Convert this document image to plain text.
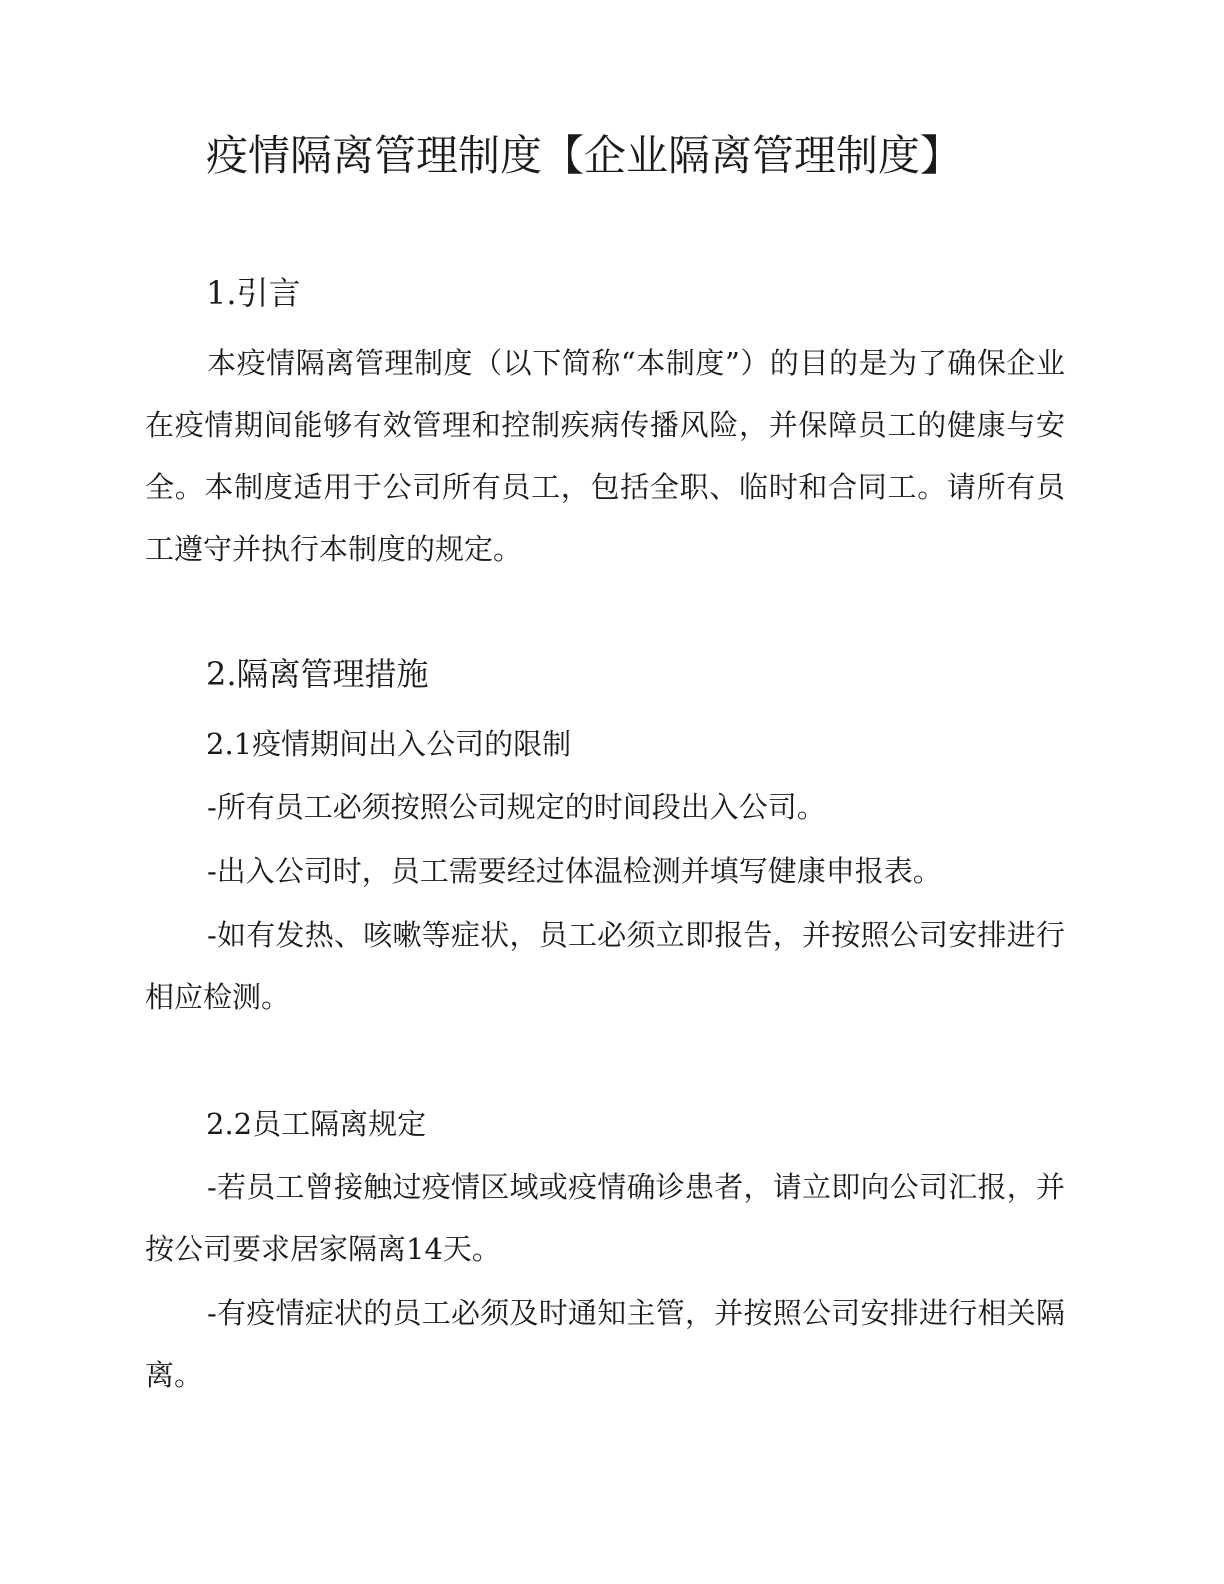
疫情隔离管理制度【企业隔离管理制度】
1.引言

本疫情隔离管理制度（以下简称“本制度”）的目的是为了确保企业在疫情期间能够有效管理和控制疾病传播风险，并保障员工的健康与安全。本制度适用于公司所有员工，包括全职、临时和合同工。请所有员工遵守并执行本制度的规定。

2.隔离管理措施
2.1疫情期间出入公司的限制

-所有员工必须按照公司规定的时间段出入公司。

-出入公司时，员工需要经过体温检测并填写健康申报表。

-如有发热、咳嗽等症状，员工必须立即报告，并按照公司安排进行相应检测。

2.2员工隔离规定

-若员工曾接触过疫情区域或疫情确诊患者，请立即向公司汇报，并按公司要求居家隔离14天。

-有疫情症状的员工必须及时通知主管，并按照公司安排进行相关隔离。
